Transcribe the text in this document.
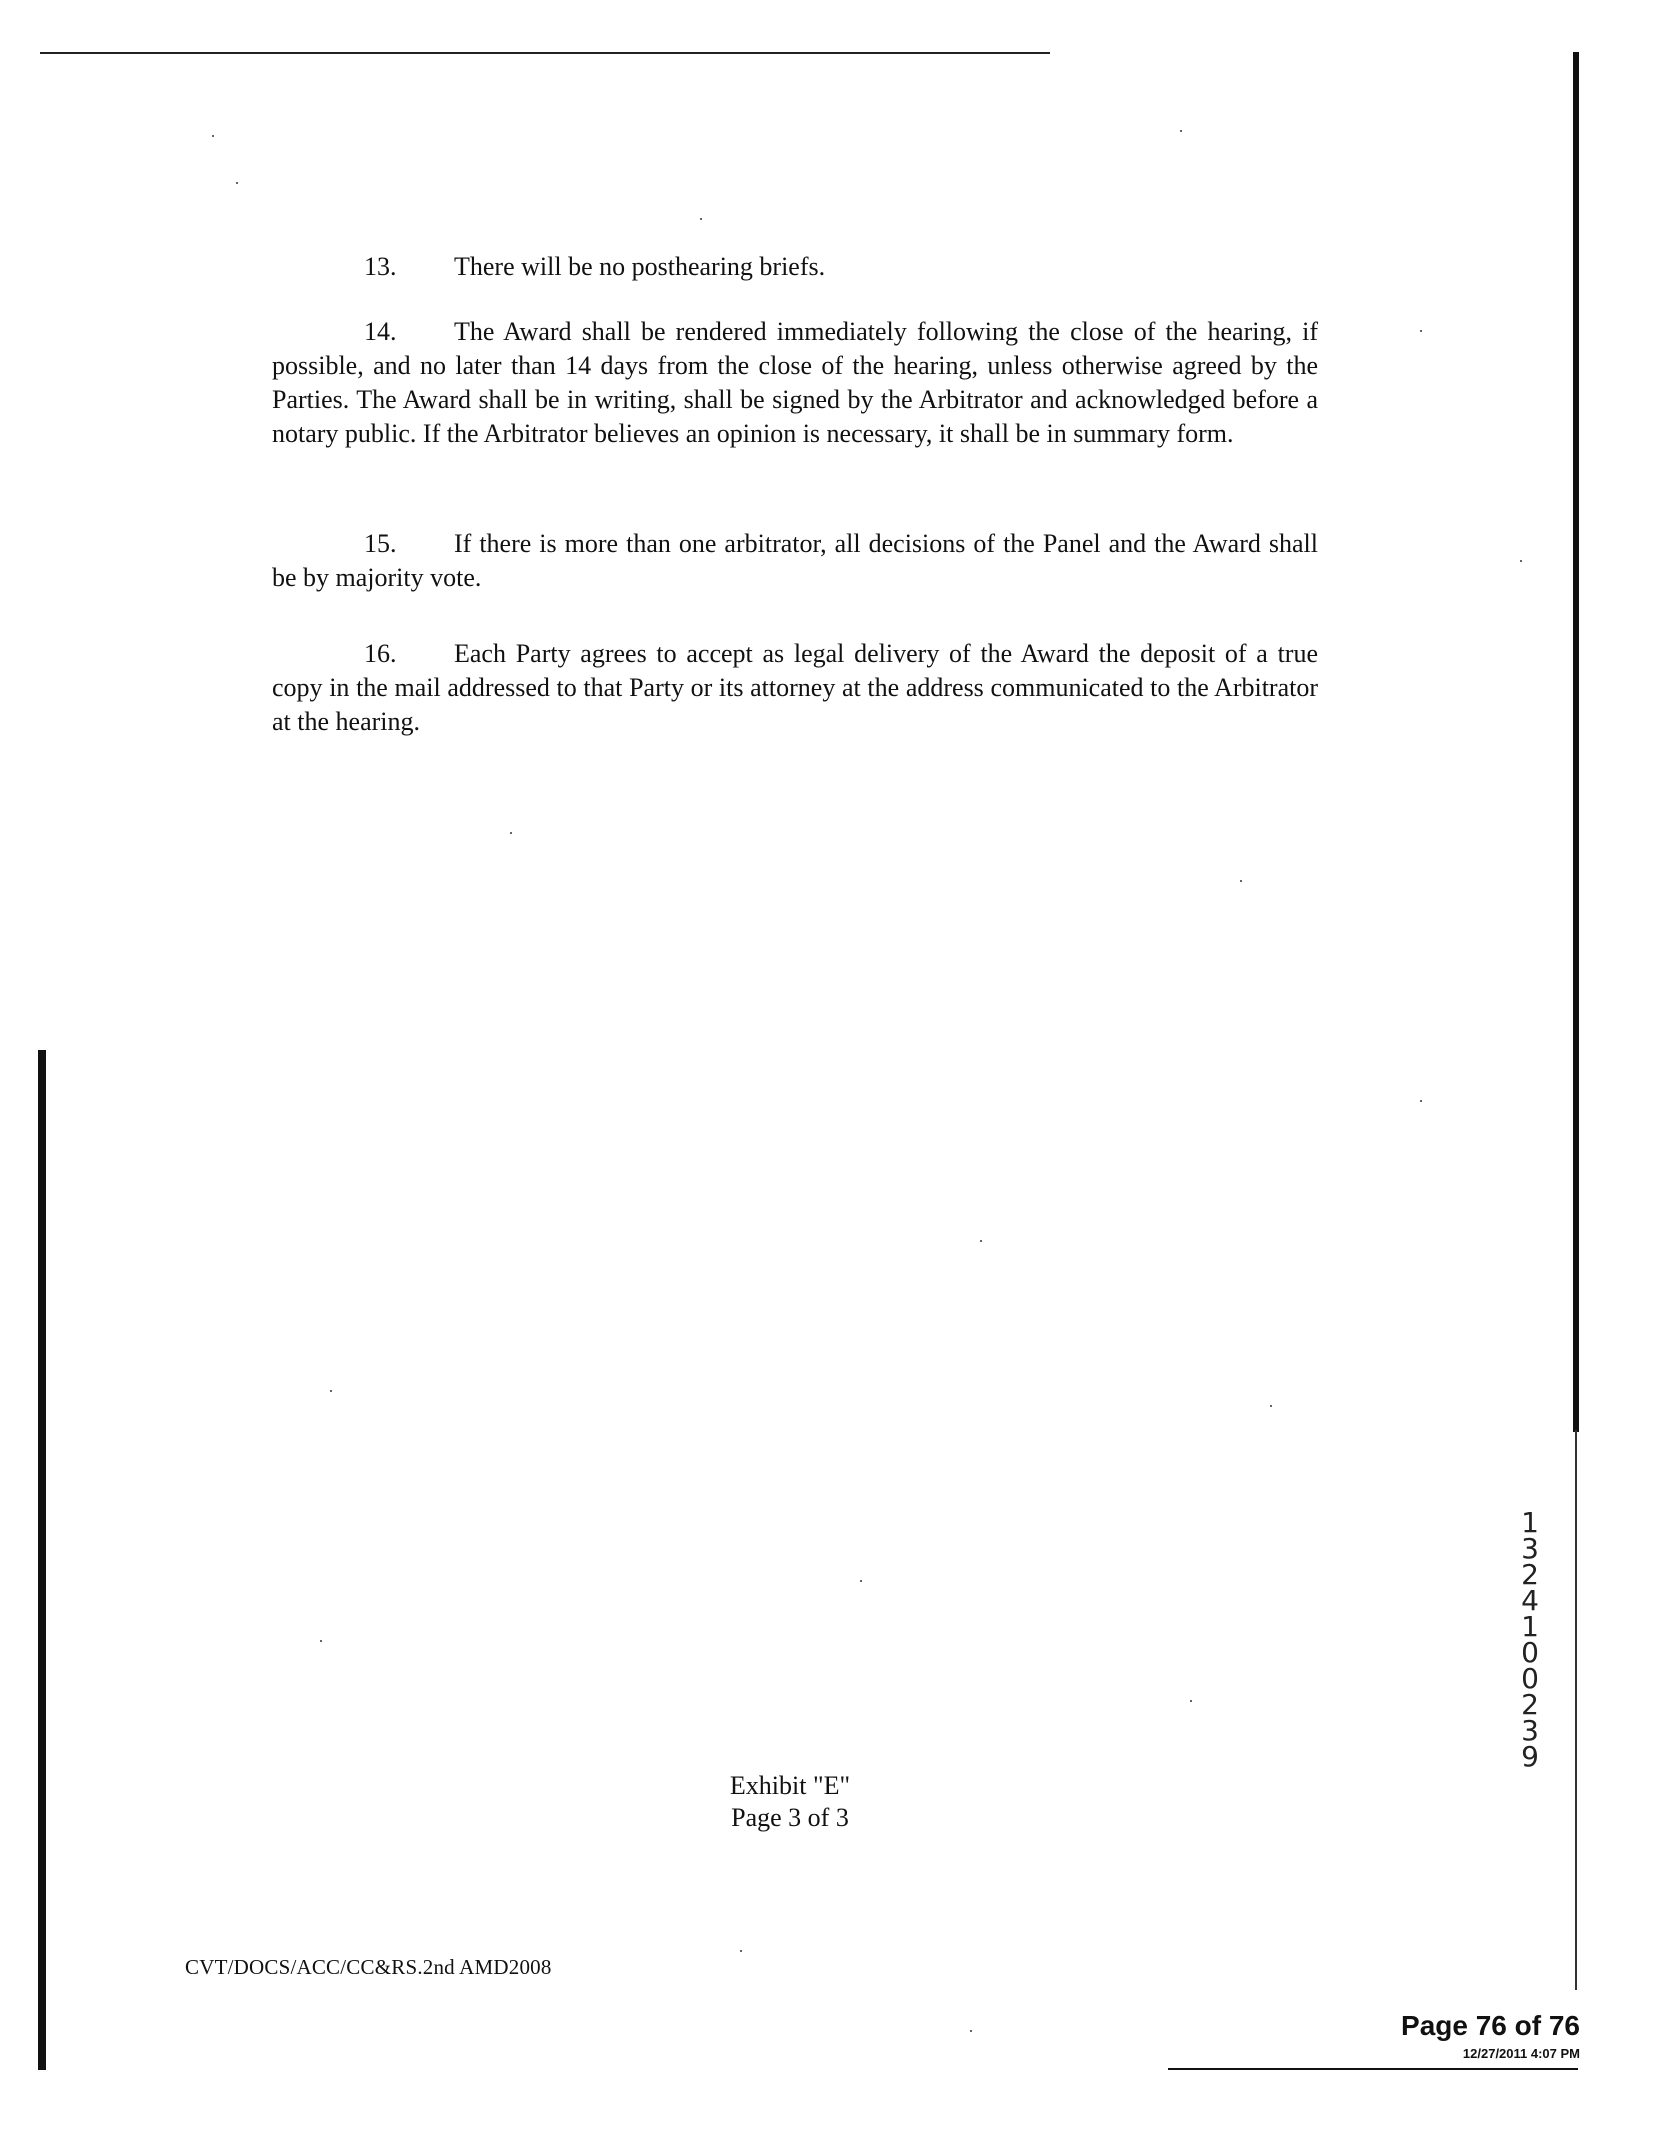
13. There will be no posthearing briefs.
14. The Award shall be rendered immediately following the close of the hearing, if possible, and no later than 14 days from the close of the hearing, unless otherwise agreed by the Parties. The Award shall be in writing, shall be signed by the Arbitrator and acknowledged before a notary public. If the Arbitrator believes an opinion is necessary, it shall be in summary form.
15. If there is more than one arbitrator, all decisions of the Panel and the Award shall be by majority vote.
16. Each Party agrees to accept as legal delivery of the Award the deposit of a true copy in the mail addressed to that Party or its attorney at the address communicated to the Arbitrator at the hearing.
Exhibit "E"
Page 3 of 3
CVT/DOCS/ACC/CC&RS.2nd AMD2008
1
3
2
4
1
0
0
2
3
9
Page 76 of 76
12/27/2011 4:07 PM
